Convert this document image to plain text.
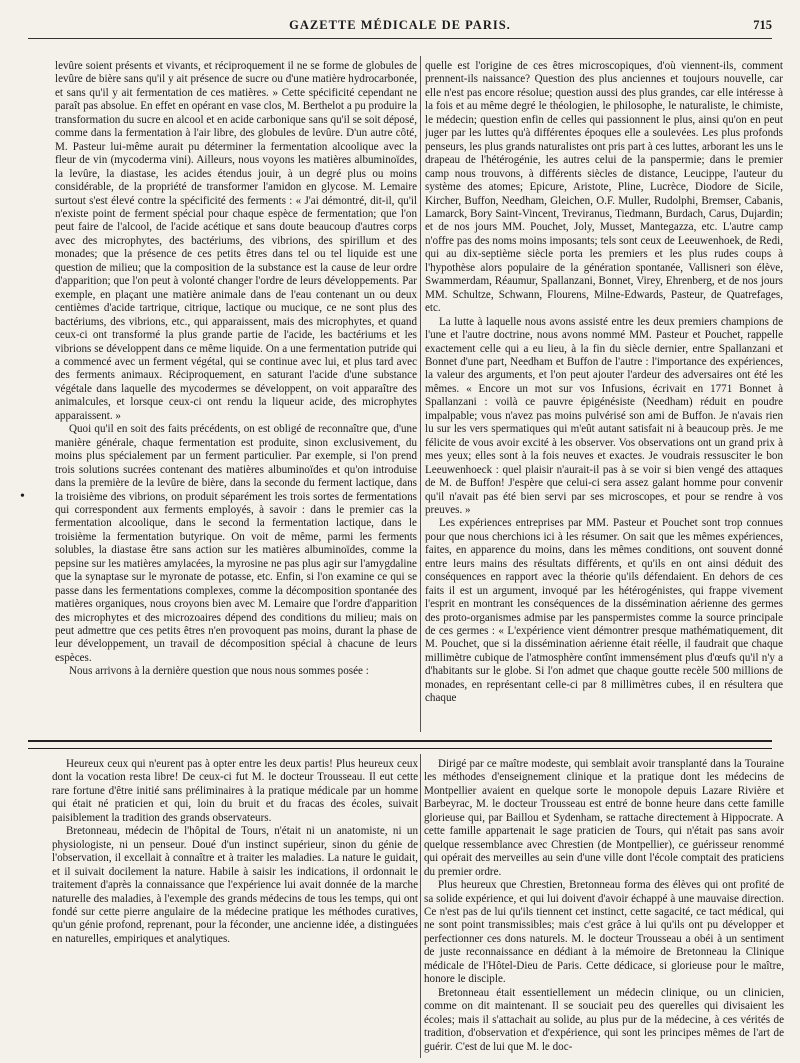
GAZETTE MÉDICALE DE PARIS.	715

levûre soient présents et vivants, et réciproquement il ne se forme de globules de levûre de bière sans qu'il y ait présence de sucre ou d'une matière hydrocarbonée, et sans qu'il y ait fermentation de ces matières. » Cette spécificité cependant ne paraît pas absolue. En effet en opérant en vase clos, M. Berthelot a pu produire la transformation du sucre en alcool et en acide carbonique sans qu'il se soit déposé, comme dans la fermentation à l'air libre, des globules de levûre. D'un autre côté, M. Pasteur lui-même aurait pu déterminer la fermentation alcoolique avec la fleur de vin (mycoderma vini). Ailleurs, nous voyons les matières albuminoïdes, la levûre, la diastase, les acides étendus jouir, à un degré plus ou moins considérable, de la propriété de transformer l'amidon en glycose. M. Lemaire surtout s'est élevé contre la spécificité des ferments : « J'ai démontré, dit-il, qu'il n'existe point de ferment spécial pour chaque espèce de fermentation; que l'on peut faire de l'alcool, de l'acide acétique et sans doute beaucoup d'autres corps avec des microphytes, des bactériums, des vibrions, des spirillum et des monades; que la présence de ces petits êtres dans tel ou tel liquide est une question de milieu; que la composition de la substance est la cause de leur ordre d'apparition; que l'on peut à volonté changer l'ordre de leurs développements. Par exemple, en plaçant une matière animale dans de l'eau contenant un ou deux centièmes d'acide tartrique, citrique, lactique ou mucique, ce ne sont plus des bactériums, des vibrions, etc., qui apparaissent, mais des microphytes, et quand ceux-ci ont transformé la plus grande partie de l'acide, les bactériums et les vibrions se développent dans ce même liquide. On a une fermentation putride qui a commencé avec un ferment végétal, qui se continue avec lui, et plus tard avec des ferments animaux. Réciproquement, en saturant l'acide d'une substance végétale dans laquelle des mycodermes se développent, on voit apparaître des animalcules, et lorsque ceux-ci ont rendu la liqueur acide, des microphytes apparaissent. »

Quoi qu'il en soit des faits précédents, on est obligé de reconnaître que, d'une manière générale, chaque fermentation est produite, sinon exclusivement, du moins plus spécialement par un ferment particulier. Par exemple, si l'on prend trois solutions sucrées contenant des matières albuminoïdes et qu'on introduise dans la première de la levûre de bière, dans la seconde du ferment lactique, dans la troisième des vibrions, on produit séparément les trois sortes de fermentations qui correspondent aux ferments employés, à savoir : dans le premier cas la fermentation alcoolique, dans le second la fermentation lactique, dans le troisième la fermentation butyrique. On voit de même, parmi les ferments solubles, la diastase être sans action sur les matières albuminoïdes, comme la pepsine sur les matières amylacées, la myrosine ne pas plus agir sur l'amygdaline que la synaptase sur le myronate de potasse, etc. Enfin, si l'on examine ce qui se passe dans les fermentations complexes, comme la décomposition spontanée des matières organiques, nous croyons bien avec M. Lemaire que l'ordre d'apparition des microphytes et des microzoaires dépend des conditions du milieu; mais on peut admettre que ces petits êtres n'en provoquent pas moins, durant la phase de leur développement, un travail de décomposition spécial à chacune de leurs espèces.

Nous arrivons à la dernière question que nous nous sommes posée :

quelle est l'origine de ces êtres microscopiques, d'où viennent-ils, comment prennent-ils naissance? Question des plus anciennes et toujours nouvelle, car elle n'est pas encore résolue; question aussi des plus grandes, car elle intéresse à la fois et au même degré le théologien, le philosophe, le naturaliste, le chimiste, le médecin; question enfin de celles qui passionnent le plus, ainsi qu'on en peut juger par les luttes qu'à différentes époques elle a soulevées. Les plus profonds penseurs, les plus grands naturalistes ont pris part à ces luttes, arborant les uns le drapeau de l'hétérogénie, les autres celui de la panspermie; dans le premier camp nous trouvons, à différents siècles de distance, Leucippe, l'auteur du système des atomes; Epicure, Aristote, Pline, Lucrèce, Diodore de Sicile, Kircher, Buffon, Needham, Gleichen, O.F. Muller, Rudolphi, Bremser, Cabanis, Lamarck, Bory Saint-Vincent, Treviranus, Tiedmann, Burdach, Carus, Dujardin; et de nos jours MM. Pouchet, Joly, Musset, Mantegazza, etc. L'autre camp n'offre pas des noms moins imposants; tels sont ceux de Leeuwenhoek, de Redi, qui au dix-septième siècle porta les premiers et les plus rudes coups à l'hypothèse alors populaire de la génération spontanée, Vallisneri son élève, Swammerdam, Réaumur, Spallanzani, Bonnet, Virey, Ehrenberg, et de nos jours MM. Schultze, Schwann, Flourens, Milne-Edwards, Pasteur, de Quatrefages, etc.

La lutte à laquelle nous avons assisté entre les deux premiers champions de l'une et l'autre doctrine, nous avons nommé MM. Pasteur et Pouchet, rappelle exactement celle qui a eu lieu, à la fin du siècle dernier, entre Spallanzani et Bonnet d'une part, Needham et Buffon de l'autre : l'importance des expériences, la valeur des arguments, et l'on peut ajouter l'ardeur des adversaires ont été les mêmes. « Encore un mot sur vos Infusions, écrivait en 1771 Bonnet à Spallanzani : voilà ce pauvre épigénésiste (Needham) réduit en poudre impalpable; vous n'avez pas moins pulvérisé son ami de Buffon. Je n'avais rien lu sur les vers spermatiques qui m'eût autant satisfait ni à beaucoup près. Je me félicite de vous avoir excité à les observer. Vos observations ont un grand prix à mes yeux; elles sont à la fois neuves et exactes. Je voudrais ressusciter le bon Leeuwenhoeck : quel plaisir n'aurait-il pas à se voir si bien vengé des attaques de M. de Buffon! J'espère que celui-ci sera assez galant homme pour convenir qu'il n'avait pas été bien servi par ses microscopes, et pour se rendre à vos preuves. »

Les expériences entreprises par MM. Pasteur et Pouchet sont trop connues pour que nous cherchions ici à les résumer. On sait que les mêmes expériences, faites, en apparence du moins, dans les mêmes conditions, ont souvent donné entre leurs mains des résultats différents, et qu'ils en ont ainsi déduit des conséquences en rapport avec la théorie qu'ils défendaient. En dehors de ces faits il est un argument, invoqué par les hétérogénistes, qui frappe vivement l'esprit en montrant les conséquences de la dissémination aérienne des germes des proto-organismes admise par les panspermistes comme la source principale de ces germes : « L'expérience vient démontrer presque mathématiquement, dit M. Pouchet, que si la dissémination aérienne était réelle, il faudrait que chaque millimètre cubique de l'atmosphère contînt immensément plus d'œufs qu'il n'y a d'habitants sur le globe. Si l'on admet que chaque goutte recèle 500 millions de monades, en représentant celle-ci par 8 millimètres cubes, il en résultera que chaque

•

Heureux ceux qui n'eurent pas à opter entre les deux partis! Plus heureux ceux dont la vocation resta libre! De ceux-ci fut M. le docteur Trousseau. Il eut cette rare fortune d'être initié sans préliminaires à la pratique médicale par un homme qui était né praticien et qui, loin du bruit et du fracas des écoles, suivait paisiblement la tradition des grands observateurs.

Bretonneau, médecin de l'hôpital de Tours, n'était ni un anatomiste, ni un physiologiste, ni un penseur. Doué d'un instinct supérieur, sinon du génie de l'observation, il excellait à connaître et à traiter les maladies. La nature le guidait, et il suivait docilement la nature. Habile à saisir les indications, il ordonnait le traitement d'après la connaissance que l'expérience lui avait donnée de la marche naturelle des maladies, à l'exemple des grands médecins de tous les temps, qui ont fondé sur cette pierre angulaire de la médecine pratique les méthodes curatives, qu'un génie profond, reprenant, pour la féconder, une ancienne idée, a distinguées en naturelles, empiriques et analytiques.

Dirigé par ce maître modeste, qui semblait avoir transplanté dans la Touraine les méthodes d'enseignement clinique et la pratique dont les médecins de Montpellier avaient en quelque sorte le monopole depuis Lazare Rivière et Barbeyrac, M. le docteur Trousseau est entré de bonne heure dans cette famille glorieuse qui, par Baillou et Sydenham, se rattache directement à Hippocrate. A cette famille appartenait le sage praticien de Tours, qui n'était pas sans avoir quelque ressemblance avec Chrestien (de Montpellier), ce guérisseur renommé qui opérait des merveilles au sein d'une ville dont l'école comptait des praticiens du premier ordre.

Plus heureux que Chrestien, Bretonneau forma des élèves qui ont profité de sa solide expérience, et qui lui doivent d'avoir échappé à une mauvaise direction. Ce n'est pas de lui qu'ils tiennent cet instinct, cette sagacité, ce tact médical, qui ne sont point transmissibles; mais c'est grâce à lui qu'ils ont pu développer et perfectionner ces dons naturels. M. le docteur Trousseau a obéi à un sentiment de juste reconnaissance en dédiant à la mémoire de Bretonneau la Clinique médicale de l'Hôtel-Dieu de Paris. Cette dédicace, si glorieuse pour le maître, honore le disciple.

Bretonneau était essentiellement un médecin clinique, ou un clinicien, comme on dit maintenant. Il se souciait peu des querelles qui divisaient les écoles; mais il s'attachait au solide, au plus pur de la médecine, à ces vérités de tradition, d'observation et d'expérience, qui sont les principes mêmes de l'art de guérir. C'est de lui que M. le doc-
